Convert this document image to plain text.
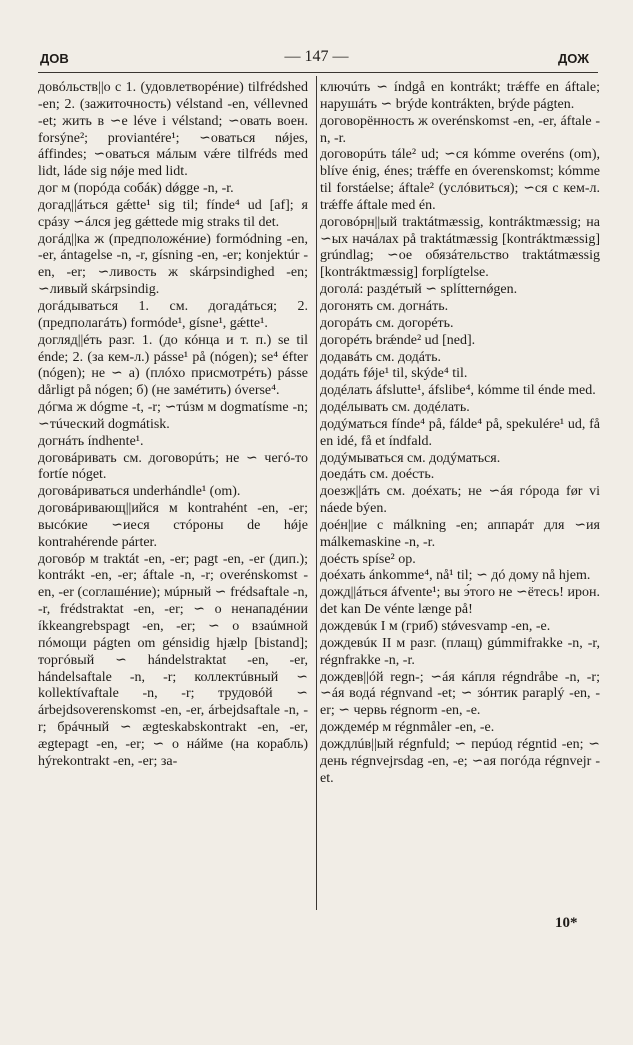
ДОВ	— 147 —	ДОЖ

довóльств||о с 1. (удовлетворéние) tilfrédshed -en; 2. (зажиточность) vélstand -en, véllevned -et; жить в ∽е léve i vélstand; ∽овать воен. forsýne²; proviantére¹; ∽оваться nǿjes, áffindes; ∽оваться мáлым vǽre tilfréds med lidt, láde sig nǿje med lidt.

дог м (порóда собáк) dǿgge -n, -r.

догад||áться gǽtte¹ sig til; fínde⁴ ud [af]; я срáзу ∽áлся jeg gǽttede mig straks til det.

догáд||ка ж (предположéние) formódning -en, -er, ántagelse -n, -r, gísning -en, -er; konjektúr -en, -er; ∽ливость ж skárpsindighed -en; ∽ливый skárpsindig.

догáдываться 1. см. догадáться; 2. (предполагáть) formóde¹, gísne¹, gǽtte¹.

догляд||éть разг. 1. (до кóнца и т. п.) se til énde; 2. (за кем-л.) pásse¹ på (nógen); se⁴ éfter (nógen); не ∽ а) (плóхо присмотрéть) pásse dårligt på nógen; б) (не замéтить) óverse⁴.

дóгма ж dógme -t, -r; ∽тúзм м dogmatísme -n; ∽тúческий dogmátisk.

догнáть índhente¹.

договáривать см. договорúть; не ∽ чегó-то fortíe nóget.

договáриваться underhándle¹ (om).

договáривающ||ийся м kontrahént -en, -er; высóкие ∽иеся стóроны de hǿje kontrahérende párter.

договóр м traktát -en, -er; pagt -en, -er (дип.); kontrákt -en, -er; áftale -n, -r; overénskomst -en, -er (соглашéние); мúрный ∽ frédsaftale -n, -r, frédstraktat -en, -er; ∽ о ненападéнии íkkeangrebspagt -en, -er; ∽ о взаúмной пóмощи págten om génsidig hjælp [bistand]; торгóвый ∽ hándelstraktat -en, -er, hándelsaftale -n, -r; коллектúвный ∽ kollektívaftale -n, -r; трудовóй ∽ árbejdsoverenskomst -en, -er, árbejdsaftale -n, -r; брáчный ∽ ægteskabskontrakt -en, -er, ægtepagt -en, -er; ∽ о нáйме (на корабль) hýrekontrakt -en, -er; за-

ключúть ∽ índgå en kontrákt; trǽffe en áftale; нарушáть ∽ brýde kontrákten, brýde págten.

договорённость ж overénskomst -en, -er, áftale -n, -r.

договорúть tále² ud; ∽ся kómme overéns (om), blíve énig, énes; trǽffe en óverenskomst; kómme til forstáelse; áftale² (услóвиться); ∽ся с кем-л. trǽffe áftale med én.

договóрн||ый traktátmæssig, kontráktmæssig; на ∽ых начáлах på traktátmæssig [kontráktmæssig] grúndlag; ∽ое обязáтельство traktátmæssig [kontráktmæssig] forplígtelse.

доголá: раздéтый ∽ splítternǿgen.

догонять см. догнáть.

догорáть см. догорéть.

догорéть brǽnde² ud [ned].

додавáть см. додáть.

додáть fǿje¹ til, skýde⁴ til.

додéлать áfslutte¹, áfslibe⁴, kómme til énde med.

додéлывать см. додéлать.

додýматься fínde⁴ på, fálde⁴ på, spekulére¹ ud, få en idé, få et índfald.

додýмываться см. додýматься.

доедáть см. доéсть.

доезж||áть см. доéхать; не ∽áя гóрода før vi náede býen.

доéн||ие с málkning -en; аппарáт для ∽ия málkemaskine -n, -r.

доéсть spíse² op.

доéхать ánkomme⁴, nå¹ til; ∽ дó дому nå hjem.

дожд||áться áfvente¹; вы э́того не ∽ётесь! ирон. det kan De vénte længe på!

дождевúк I м (гриб) stǿvesvamp -en, -e.

дождевúк II м разг. (плащ) gúmmifrakke -n, -r, régnfrakke -n, -r.

дождев||óй regn-; ∽áя кáпля régndråbe -n, -r; ∽áя водá régnvand -et; ∽ зóнтик paraplý -en, -er; ∽ червь régnorm -en, -e.

дождемéр м régnmåler -en, -e.

дождлúв||ый régnfuld; ∽ перúод régntid -en; ∽ день régnvejrsdag -en, -e; ∽ая погóда régnvejr -et.

10*
